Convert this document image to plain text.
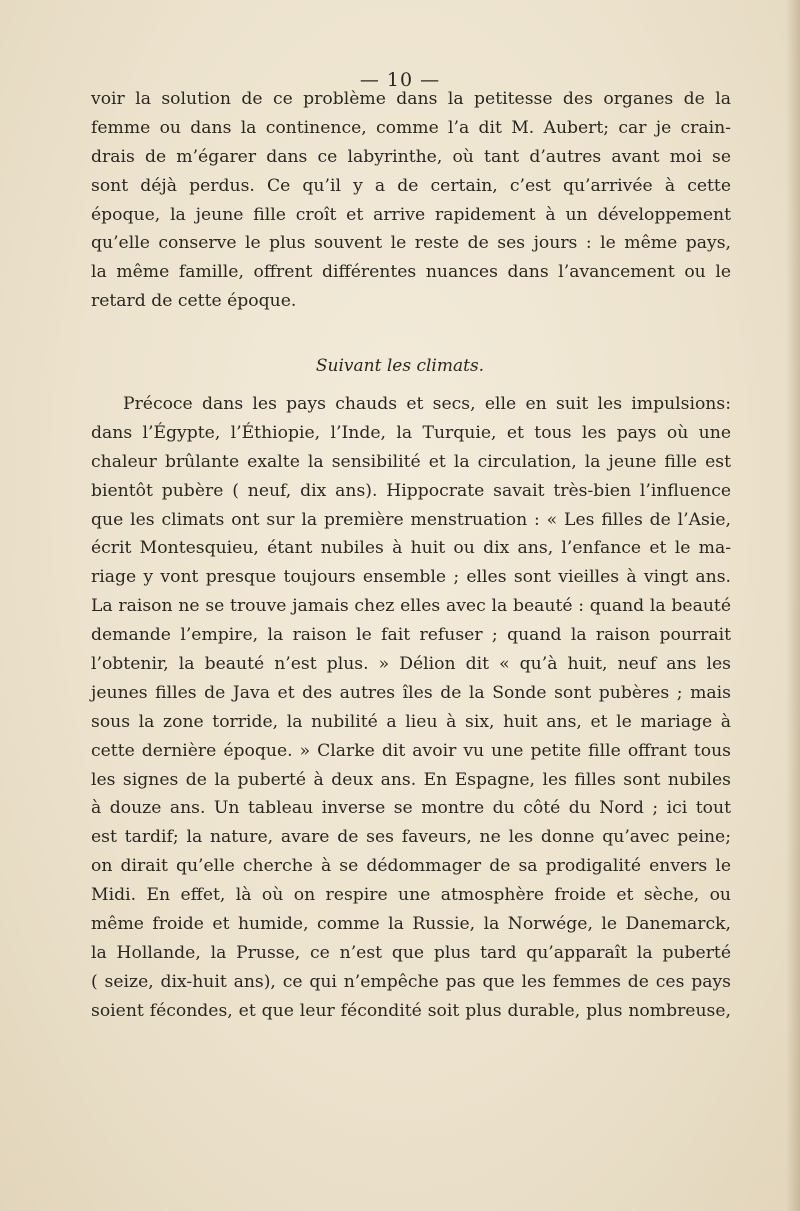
— 10 —
voir la solution de ce problème dans la petitesse des organes de la
femme ou dans la continence, comme l’a dit M. Aubert; car je crain-
drais de m’égarer dans ce labyrinthe, où tant d’autres avant moi se
sont déjà perdus. Ce qu’il y a de certain, c’est qu’arrivée à cette
époque, la jeune fille croît et arrive rapidement à un développement
qu’elle conserve le plus souvent le reste de ses jours : le même pays,
la même famille, offrent différentes nuances dans l’avancement ou le
retard de cette époque.
Suivant les climats.
Précoce dans les pays chauds et secs, elle en suit les impulsions:
dans l’Égypte, l’Éthiopie, l’Inde, la Turquie, et tous les pays où une
chaleur brûlante exalte la sensibilité et la circulation, la jeune fille est
bientôt pubère ( neuf, dix ans). Hippocrate savait très-bien l’influence
que les climats ont sur la première menstruation : « Les filles de l’Asie,
écrit Montesquieu, étant nubiles à huit ou dix ans, l’enfance et le ma-
riage y vont presque toujours ensemble ; elles sont vieilles à vingt ans.
La raison ne se trouve jamais chez elles avec la beauté : quand la beauté
demande l’empire, la raison le fait refuser ; quand la raison pourrait
l’obtenir, la beauté n’est plus. » Délion dit « qu’à huit, neuf ans les
jeunes filles de Java et des autres îles de la Sonde sont pubères ; mais
sous la zone torride, la nubilité a lieu à six, huit ans, et le mariage à
cette dernière époque. » Clarke dit avoir vu une petite fille offrant tous
les signes de la puberté à deux ans. En Espagne, les filles sont nubiles
à douze ans. Un tableau inverse se montre du côté du Nord ; ici tout
est tardif; la nature, avare de ses faveurs, ne les donne qu’avec peine;
on dirait qu’elle cherche à se dédommager de sa prodigalité envers le
Midi. En effet, là où on respire une atmosphère froide et sèche, ou
même froide et humide, comme la Russie, la Norwége, le Danemarck,
la Hollande, la Prusse, ce n’est que plus tard qu’apparaît la puberté
( seize, dix-huit ans), ce qui n’empêche pas que les femmes de ces pays
soient fécondes, et que leur fécondité soit plus durable, plus nombreuse,
